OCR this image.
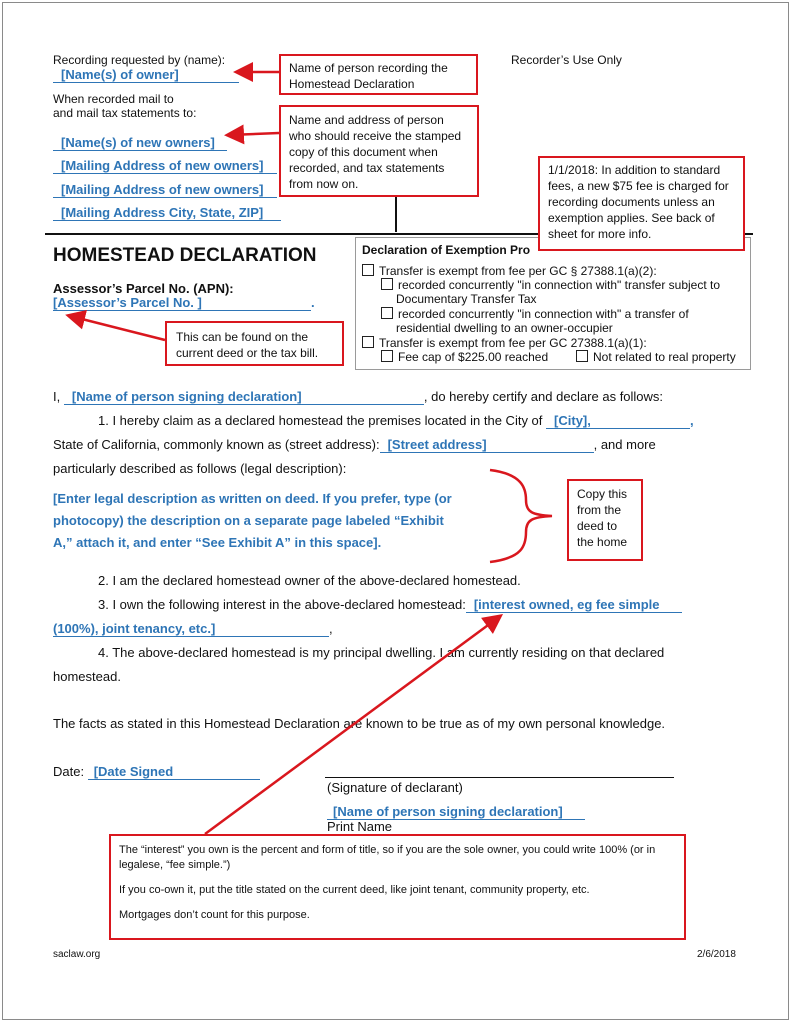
Recording requested by (name):
[Name(s) of owner]
When recorded mail to
and mail tax statements to:
[Name(s) of new owners]
[Mailing Address of new owners]
[Mailing Address of new owners]
[Mailing Address City, State, ZIP]
Recorder’s Use Only
HOMESTEAD DECLARATION
Assessor’s Parcel No. (APN):
[Assessor’s Parcel No. ]	.
Declaration of Exemption Pro
Transfer is exempt from fee per GC § 27388.1(a)(2):
recorded concurrently "in connection with" transfer subject to
Documentary Transfer Tax
recorded concurrently "in connection with" a transfer of
residential dwelling to an owner-occupier
Transfer is exempt from fee per GC 27388.1(a)(1):
Fee cap of $225.00 reached	Not related to real property
I, [Name of person signing declaration]	, do hereby certify and declare as follows:
1. I hereby claim as a declared homestead the premises located in the City of [City],	,
State of California, commonly known as (street address): [Street address]	, and more
particularly described as follows (legal description):
[Enter legal description as written on deed. If you prefer, type (or
photocopy) the description on a separate page labeled “Exhibit
A,” attach it, and enter “See Exhibit A” in this space].
2. I am the declared homestead owner of the above-declared homestead.
3. I own the following interest in the above-declared homestead: [interest owned, eg fee simple
(100%), joint tenancy, etc.]	,
4. The above-declared homestead is my principal dwelling. I am currently residing on that declared
homestead.
The facts as stated in this Homestead Declaration are known to be true as of my own personal knowledge.
Date: [Date Signed
(Signature of declarant)
[Name of person signing declaration]
Print Name
Name of person recording the
Homestead Declaration
Name and address of person who should receive the stamped copy of this document when recorded, and tax statements from now on.
1/1/2018: In addition to standard fees, a new $75 fee is charged for recording documents unless an exemption applies. See back of sheet for more info.
This can be found on the current deed or the tax bill.
Copy this from the deed to the home
The “interest” you own is the percent and form of title, so if you are the sole owner, you could write 100% (or in legalese, “fee simple.”)
If you co-own it, put the title stated on the current deed, like joint tenant, community property, etc.
Mortgages don’t count for this purpose.
saclaw.org	2/6/2018
